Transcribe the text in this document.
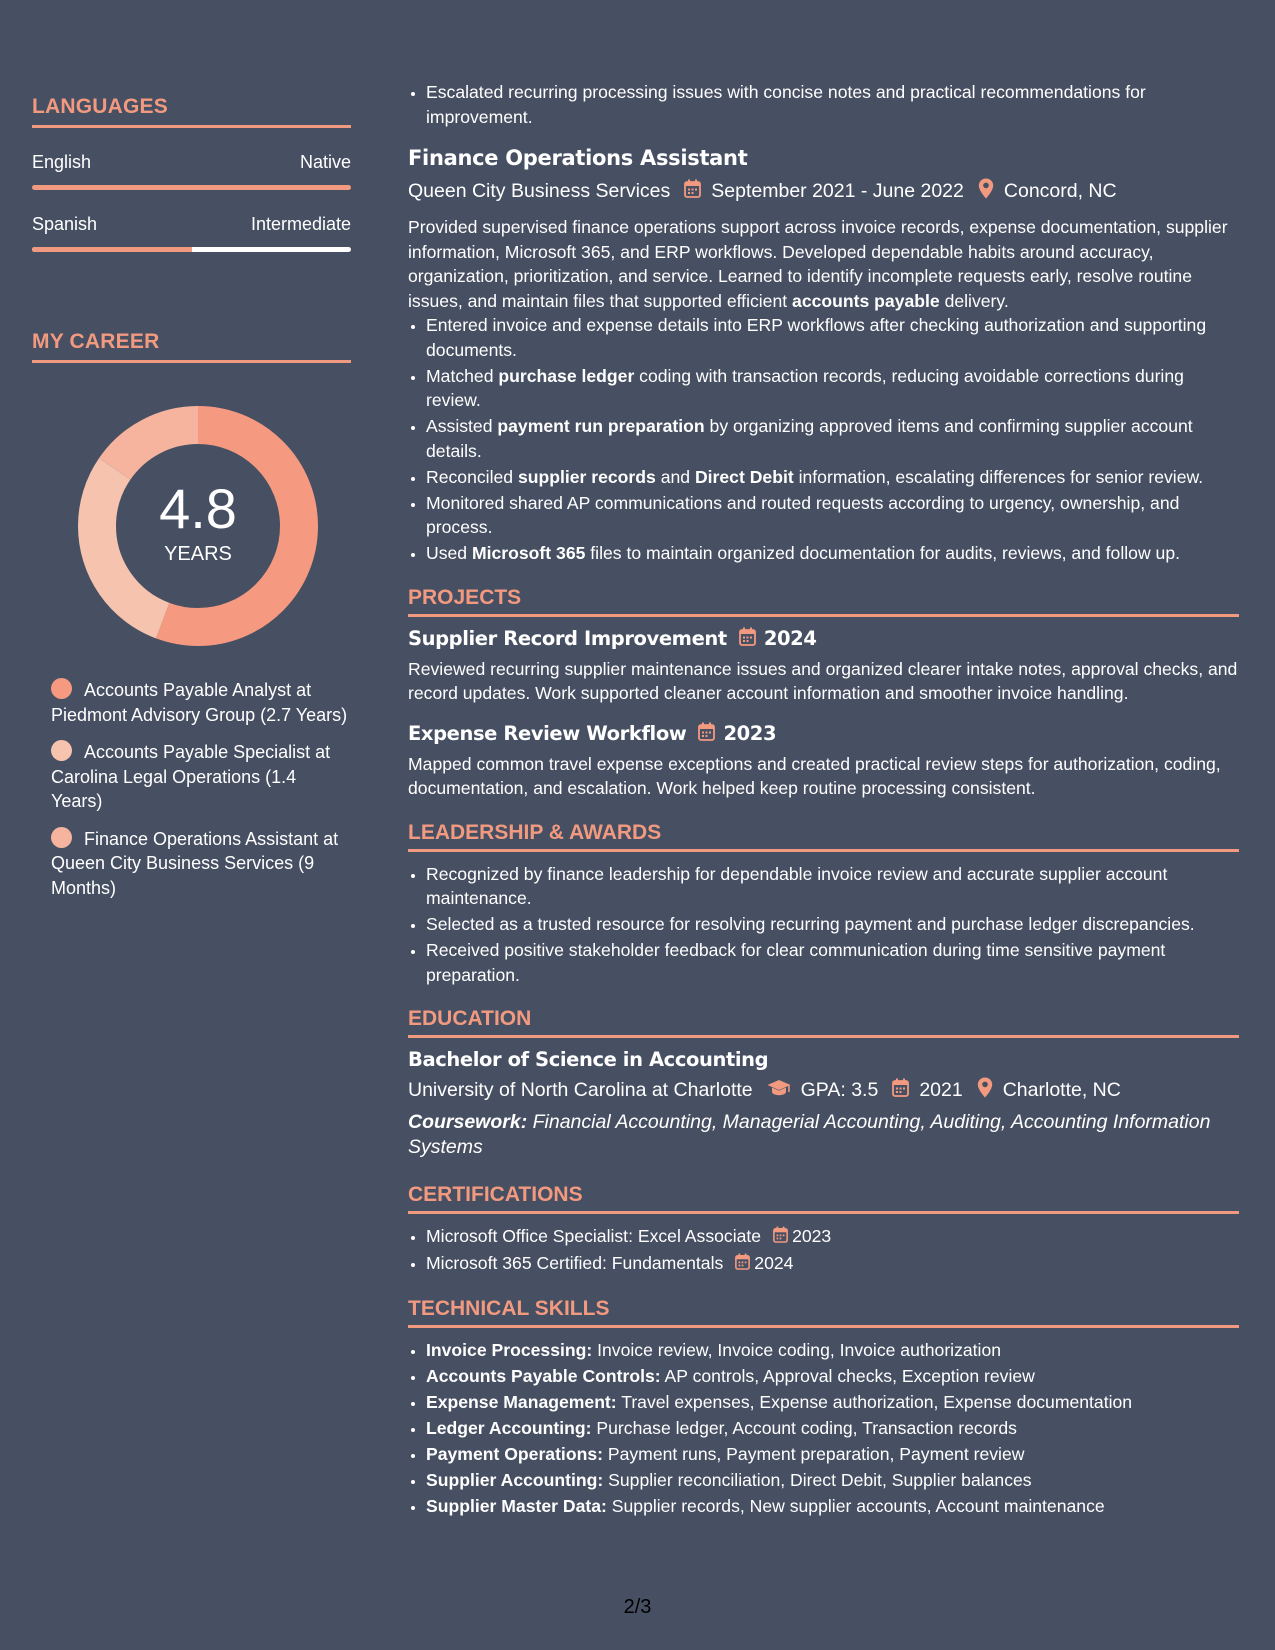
LANGUAGES
English	Native
Spanish	Intermediate
MY CAREER
4.8
YEARS
Accounts Payable Analyst at Piedmont Advisory Group (2.7 Years)
Accounts Payable Specialist at Carolina Legal Operations (1.4 Years)
Finance Operations Assistant at Queen City Business Services (9 Months)
• Escalated recurring processing issues with concise notes and practical recommendations for improvement.
Finance Operations Assistant
Queen City Business Services September 2021 - June 2022 Concord, NC

Provided supervised finance operations support across invoice records, expense documentation, supplier information, Microsoft 365, and ERP workflows. Developed dependable habits around accuracy, organization, prioritization, and service. Learned to identify incomplete requests early, resolve routine issues, and maintain files that supported efficient accounts payable delivery.

• Entered invoice and expense details into ERP workflows after checking authorization and supporting documents.
• Matched purchase ledger coding with transaction records, reducing avoidable corrections during review.
• Assisted payment run preparation by organizing approved items and confirming supplier account details.
• Reconciled supplier records and Direct Debit information, escalating differences for senior review.
• Monitored shared AP communications and routed requests according to urgency, ownership, and process.
• Used Microsoft 365 files to maintain organized documentation for audits, reviews, and follow up.
PROJECTS
Supplier Record Improvement 2024

Reviewed recurring supplier maintenance issues and organized clearer intake notes, approval checks, and record updates. Work supported cleaner account information and smoother invoice handling.

Expense Review Workflow 2023

Mapped common travel expense exceptions and created practical review steps for authorization, coding, documentation, and escalation. Work helped keep routine processing consistent.

LEADERSHIP & AWARDS
• Recognized by finance leadership for dependable invoice review and accurate supplier account maintenance.
• Selected as a trusted resource for resolving recurring payment and purchase ledger discrepancies.
• Received positive stakeholder feedback for clear communication during time sensitive payment preparation.
EDUCATION
Bachelor of Science in Accounting
University of North Carolina at Charlotte GPA: 3.5 2021 Charlotte, NC

Coursework: Financial Accounting, Managerial Accounting, Auditing, Accounting Information Systems

CERTIFICATIONS
• Microsoft Office Specialist: Excel Associate 2023
• Microsoft 365 Certified: Fundamentals 2024
TECHNICAL SKILLS
• Invoice Processing: Invoice review, Invoice coding, Invoice authorization
• Accounts Payable Controls: AP controls, Approval checks, Exception review
• Expense Management: Travel expenses, Expense authorization, Expense documentation
• Ledger Accounting: Purchase ledger, Account coding, Transaction records
• Payment Operations: Payment runs, Payment preparation, Payment review
• Supplier Accounting: Supplier reconciliation, Direct Debit, Supplier balances
• Supplier Master Data: Supplier records, New supplier accounts, Account maintenance
2/3
